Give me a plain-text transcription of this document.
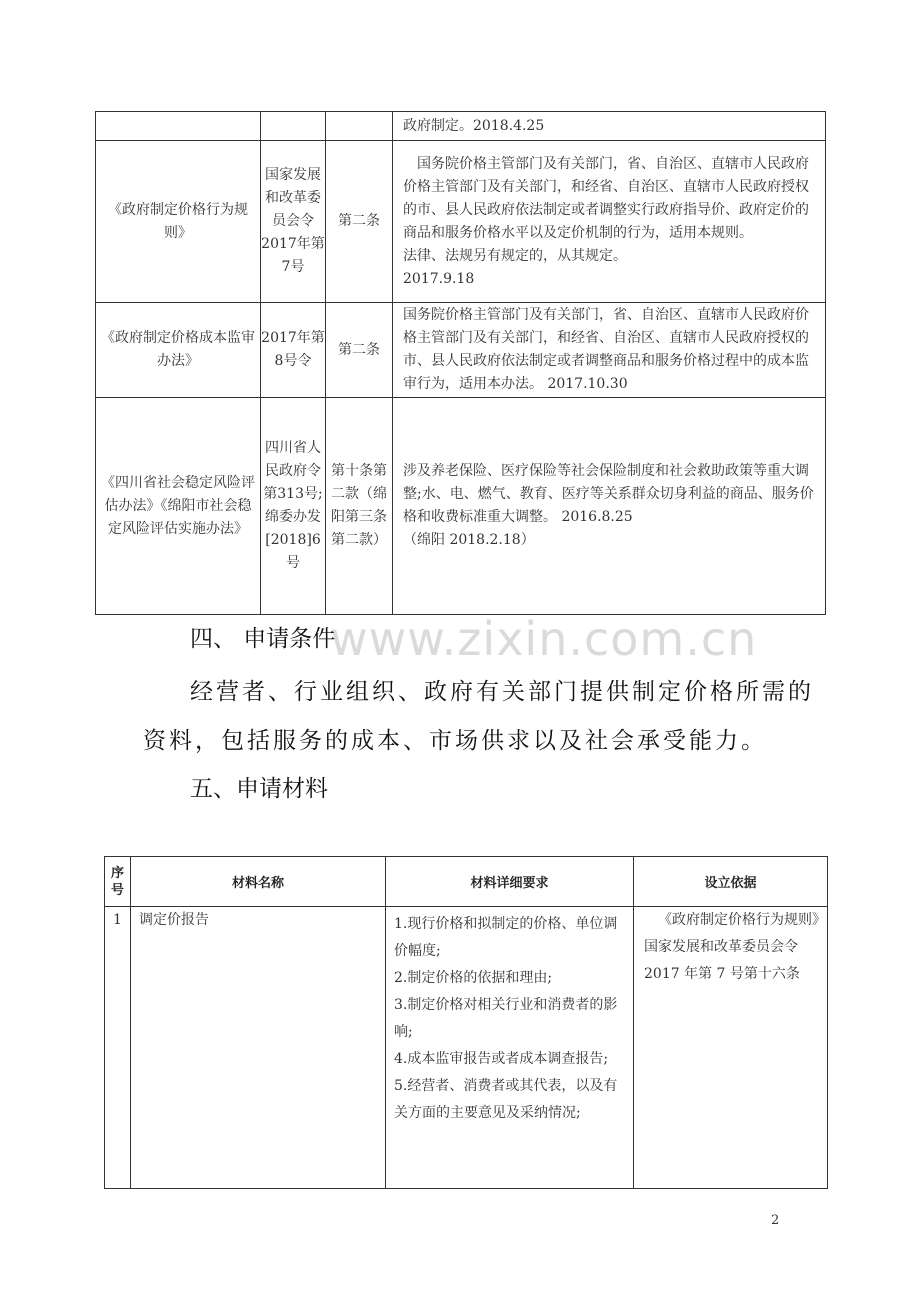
			政府制定。2018.4.25
《政府制定价格行为规则》	国家发展和改革委员会令2017年第7号	第二条	国务院价格主管部门及有关部门，省、自治区、直辖市人民政府价格主管部门及有关部门，和经省、自治区、直辖市人民政府授权的市、县人民政府依法制定或者调整实行政府指导价、政府定价的商品和服务价格水平以及定价机制的行为，适用本规则。
法律、法规另有规定的，从其规定。
2017.9.18

《政府制定价格成本监审办法》	2017年第8号令	第二条	国务院价格主管部门及有关部门，省、自治区、直辖市人民政府价格主管部门及有关部门，和经省、自治区、直辖市人民政府授权的市、县人民政府依法制定或者调整商品和服务价格过程中的成本监审行为，适用本办法。 2017.10.30
《四川省社会稳定风险评估办法》《绵阳市社会稳定风险评估实施办法》	四川省人民政府令第313号;绵委办发[2018]6号	第十条第二款（绵阳第三条第二款）	涉及养老保险、医疗保险等社会保险制度和社会救助政策等重大调整;水、电、燃气、教育、医疗等关系群众切身利益的商品、服务价格和收费标准重大调整。 2016.8.25
（绵阳 2018.2.18）
www.zixin.com.cn
四、 申请条件
经营者、行业组织、政府有关部门提供制定价格所需的
资料，包括服务的成本、市场供求以及社会承受能力。
五、申请材料
序号	材料名称	材料详细要求	设立依据
1	调定价报告	1.现行价格和拟制定的价格、单位调价幅度;
2.制定价格的依据和理由;
3.制定价格对相关行业和消费者的影响;
4.成本监审报告或者成本调查报告;
5.经营者、消费者或其代表，以及有关方面的主要意见及采纳情况;	《政府制定价格行为规则》国家发展和改革委员会令 2017 年第 7 号第十六条
2
